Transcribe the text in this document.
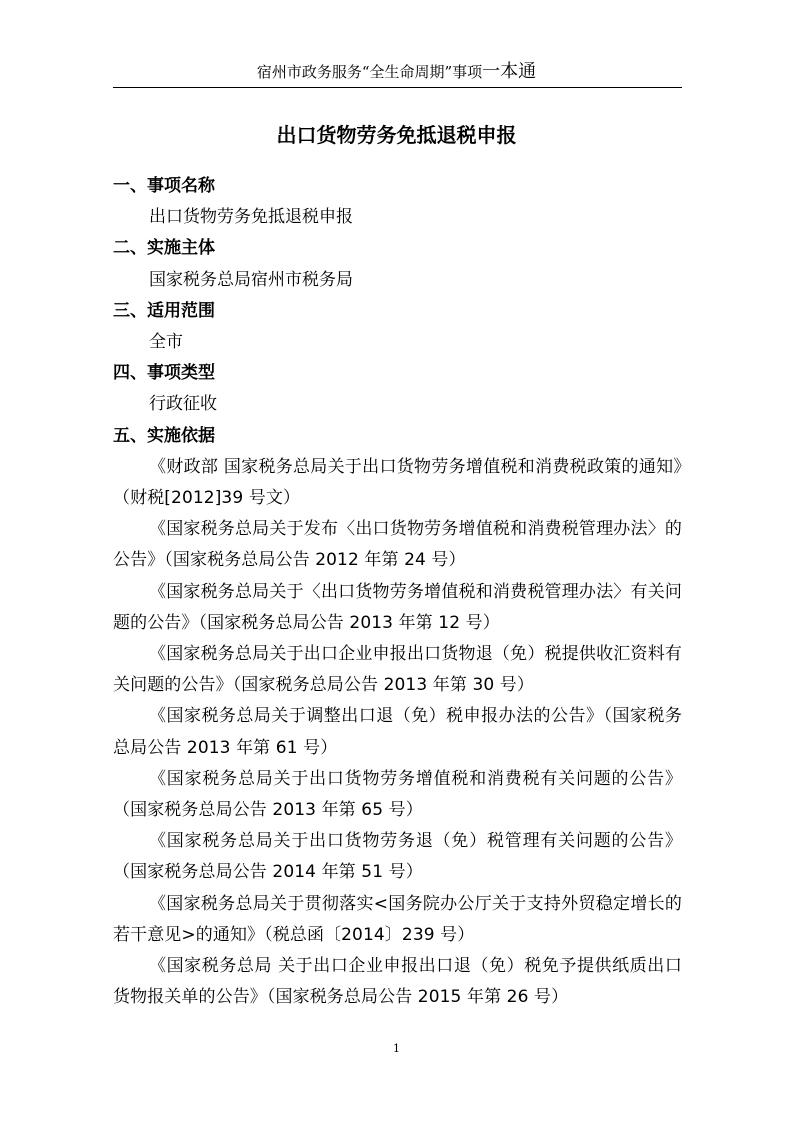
宿州市政务服务“全生命周期”事项一本通
出口货物劳务免抵退税申报
一、事项名称
出口货物劳务免抵退税申报
二、实施主体
国家税务总局宿州市税务局
三、适用范围
全市
四、事项类型
行政征收
五、实施依据
《财政部 国家税务总局关于出口货物劳务增值税和消费税政策的通知》（财税[2012]39 号文）
《国家税务总局关于发布〈出口货物劳务增值税和消费税管理办法〉的公告》（国家税务总局公告 2012 年第 24 号）
《国家税务总局关于〈出口货物劳务增值税和消费税管理办法〉有关问题的公告》（国家税务总局公告 2013 年第 12 号）
《国家税务总局关于出口企业申报出口货物退（免）税提供收汇资料有关问题的公告》（国家税务总局公告 2013 年第 30 号）
《国家税务总局关于调整出口退（免）税申报办法的公告》（国家税务总局公告 2013 年第 61 号）
《国家税务总局关于出口货物劳务增值税和消费税有关问题的公告》（国家税务总局公告 2013 年第 65 号）
《国家税务总局关于出口货物劳务退（免）税管理有关问题的公告》（国家税务总局公告 2014 年第 51 号）
《国家税务总局关于贯彻落实<国务院办公厅关于支持外贸稳定增长的若干意见>的通知》（税总函〔2014〕239 号）
《国家税务总局 关于出口企业申报出口退（免）税免予提供纸质出口货物报关单的公告》（国家税务总局公告 2015 年第 26 号）
1
